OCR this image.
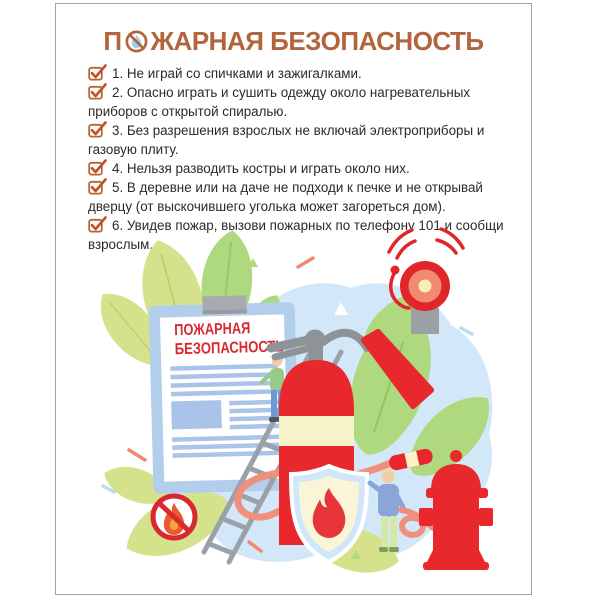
П ЖАРНАЯ БЕЗОПАСНОСТЬ
1. Не играй со спичками и зажигалками.
2. Опасно играть и сушить одежду около нагревательных приборов с открытой спиралью.
3. Без разрешения взрослых не включай электроприборы и газовую плиту.
4. Нельзя разводить костры и играть около них.
5. В деревне или на даче не подходи к печке и не открывай дверцу (от выскочившего уголька может загореться дом).
6. Увидев пожар, вызови пожарных по телефону 101 и сообщи взрослым.
ПОЖАРНАЯ
БЕЗОПАСНОСТЬ
